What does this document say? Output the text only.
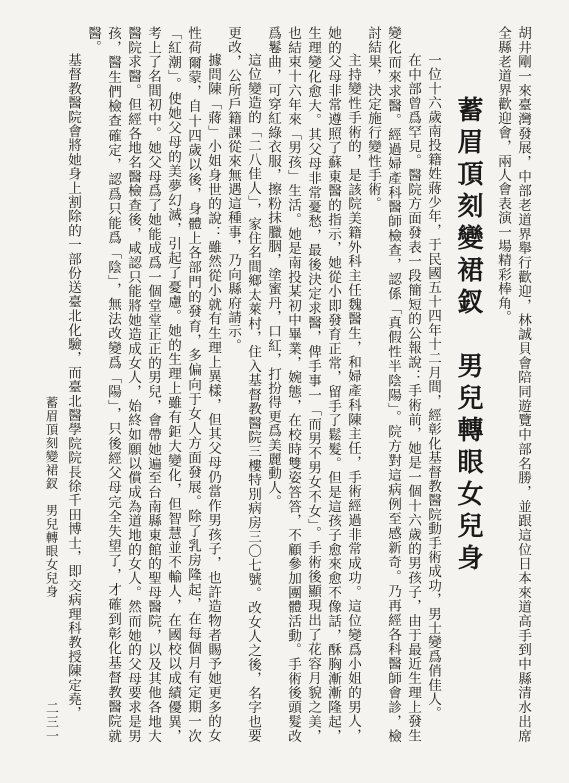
胡井剛一來臺灣發展，中部老道界舉行歡迎，林誠貝會陪同遊覽中部名勝，並跟這位日本來道高手到中縣清水出席全縣老道界歡迎會，兩人會表演一場精彩棒角。

蓄眉頂刻變裙釵　男兒轉眼女兒身

一位十六歲南投籍姓蔣少年，于民國五十四年十二月間，經彰化基督教醫院動手術成功，男士變爲俏佳人。

在中部曾爲罕見。醫院方面發表一段簡短的公報說：手術前，她是一個十六歲的男孩子，由于最近生理上發生變化而來求醫。經過婦產科醫師檢查，認係「真假性半陰陽」。院方對這病例至感新奇。乃再經各科醫師會診，檢討結果，決定施行變性手術。

主持變性手術的，是該院美籍外科主任魏醫生，和婦產科陳主任，手術經過非常成功。這位變爲小姐的男人，她的父母非常遵照了蘇東醫的指示，她從小即發育正常，留手了鬆髮。但是這孩子愈來愈不像話，酥胸漸漸隆起，生理變化愈大。其父母非常憂愁，最後決定求醫，俾手事一「而男不男女不女」。手術後顯現出了花容月貌之美，也結束十六年來「男孩」生活。她是南投某初中畢業，婉態，在校時雙姿答答，不顧參加團體活動。手術後頭髮改爲鬈曲，可穿紅綠衣服，擦粉抹臘胭，塗蜜丹，口紅，打扮得更爲美麗動人。

這位變造的「二八佳人」，家住名間鄉太萊村，住入基督教醫院三樓特別病房三〇七號。改女人之後，名字也要更改，公所戶籍課從來無遇這種事，乃向縣府請示。

據問陳「蔣」小姐身世的說：雖然從小就有生理上異樣，但其父母仍當作男孩子，也許造物者賜予她更多的女性荷爾蒙，自十四歲以後，身體上各部門的發育，多偏向于女人方面發展。除了乳房隆起，在每個月有定期一次「紅潮」。使她父母的美夢幻滅，引起了憂慮。她的生理上雖有鉅大變化，但智慧並不輸人，在國校以成績優異，考上了名間初中。她父母爲了她能成爲一個堂堂正正的男兒，會帶她遍至台南縣東館的聖母醫院，以及其他各地大醫院求醫。但經各地名醫檢查後，咸認只能將她造成女人，始終如願以償成為道地的女人。然而她的父母要求是男孩，醫生們檢查確定，認爲只能爲「陰」，無法改變爲「陽」，只後經父母完全失望了，才確到彰化基督教醫院就醫。

基督教醫院會將她身上割除的一部份送臺北化驗，而臺北醫學院院長徐千田博士，即交病理科教授陳定堯，

蓄眉頂刻變裙釵　男兒轉眼女兒身
二三一
